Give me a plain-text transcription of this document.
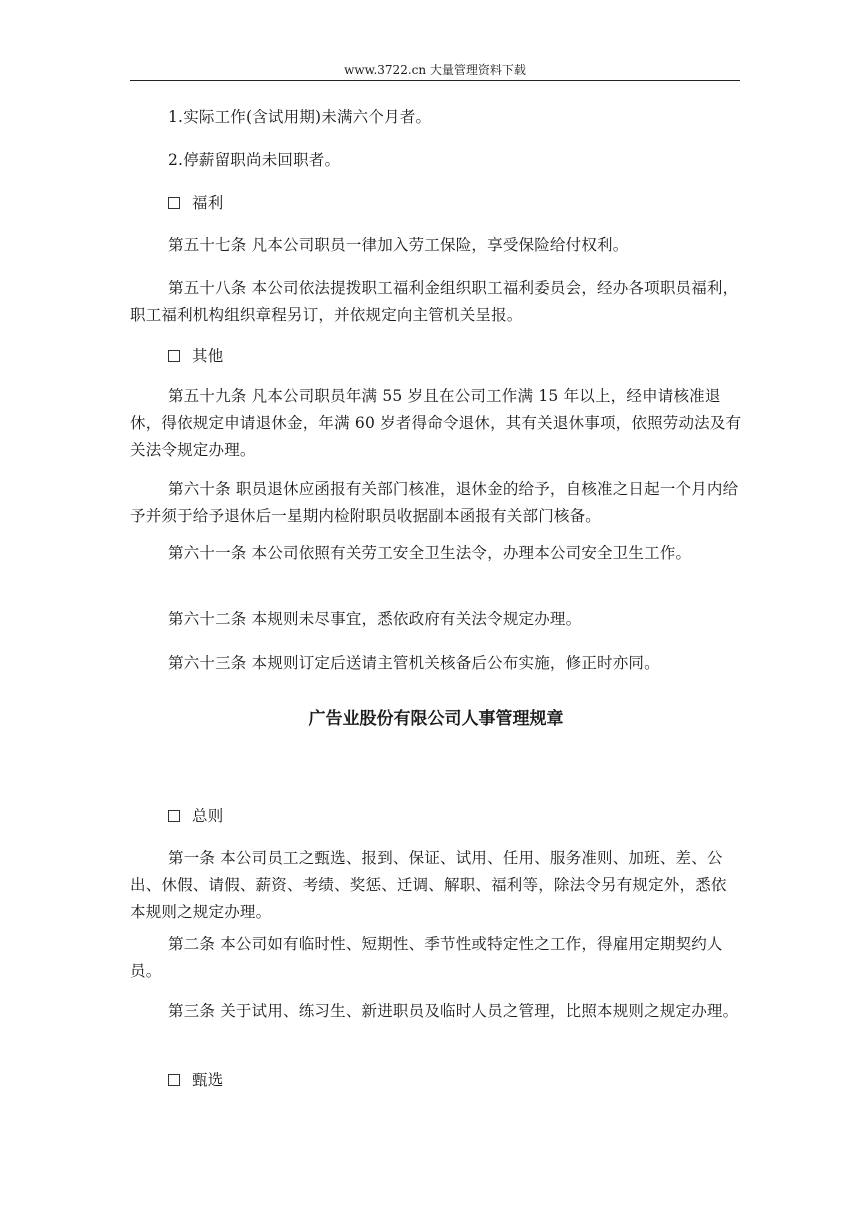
www.3722.cn 大量管理资料下载

1.实际工作(含试用期)未满六个月者。

2.停薪留职尚未回职者。

福利

第五十七条 凡本公司职员一律加入劳工保险，享受保险给付权利。

第五十八条 本公司依法提拨职工福利金组织职工福利委员会，经办各项职员福利，职工福利机构组织章程另订，并依规定向主管机关呈报。

其他

第五十九条 凡本公司职员年满 55 岁且在公司工作满 15 年以上，经申请核准退休，得依规定申请退休金，年满 60 岁者得命令退休，其有关退休事项，依照劳动法及有关法令规定办理。

第六十条 职员退休应函报有关部门核准，退休金的给予，自核准之日起一个月内给予并须于给予退休后一星期内检附职员收据副本函报有关部门核备。

第六十一条 本公司依照有关劳工安全卫生法令，办理本公司安全卫生工作。

第六十二条 本规则未尽事宜，悉依政府有关法令规定办理。

第六十三条 本规则订定后送请主管机关核备后公布实施，修正时亦同。

广告业股份有限公司人事管理规章

总则

第一条 本公司员工之甄选、报到、保证、试用、任用、服务准则、加班、差、公出、休假、请假、薪资、考绩、奖惩、迁调、解职、福利等，除法令另有规定外，悉依本规则之规定办理。

第二条 本公司如有临时性、短期性、季节性或特定性之工作，得雇用定期契约人员。

第三条 关于试用、练习生、新进职员及临时人员之管理，比照本规则之规定办理。

甄选
